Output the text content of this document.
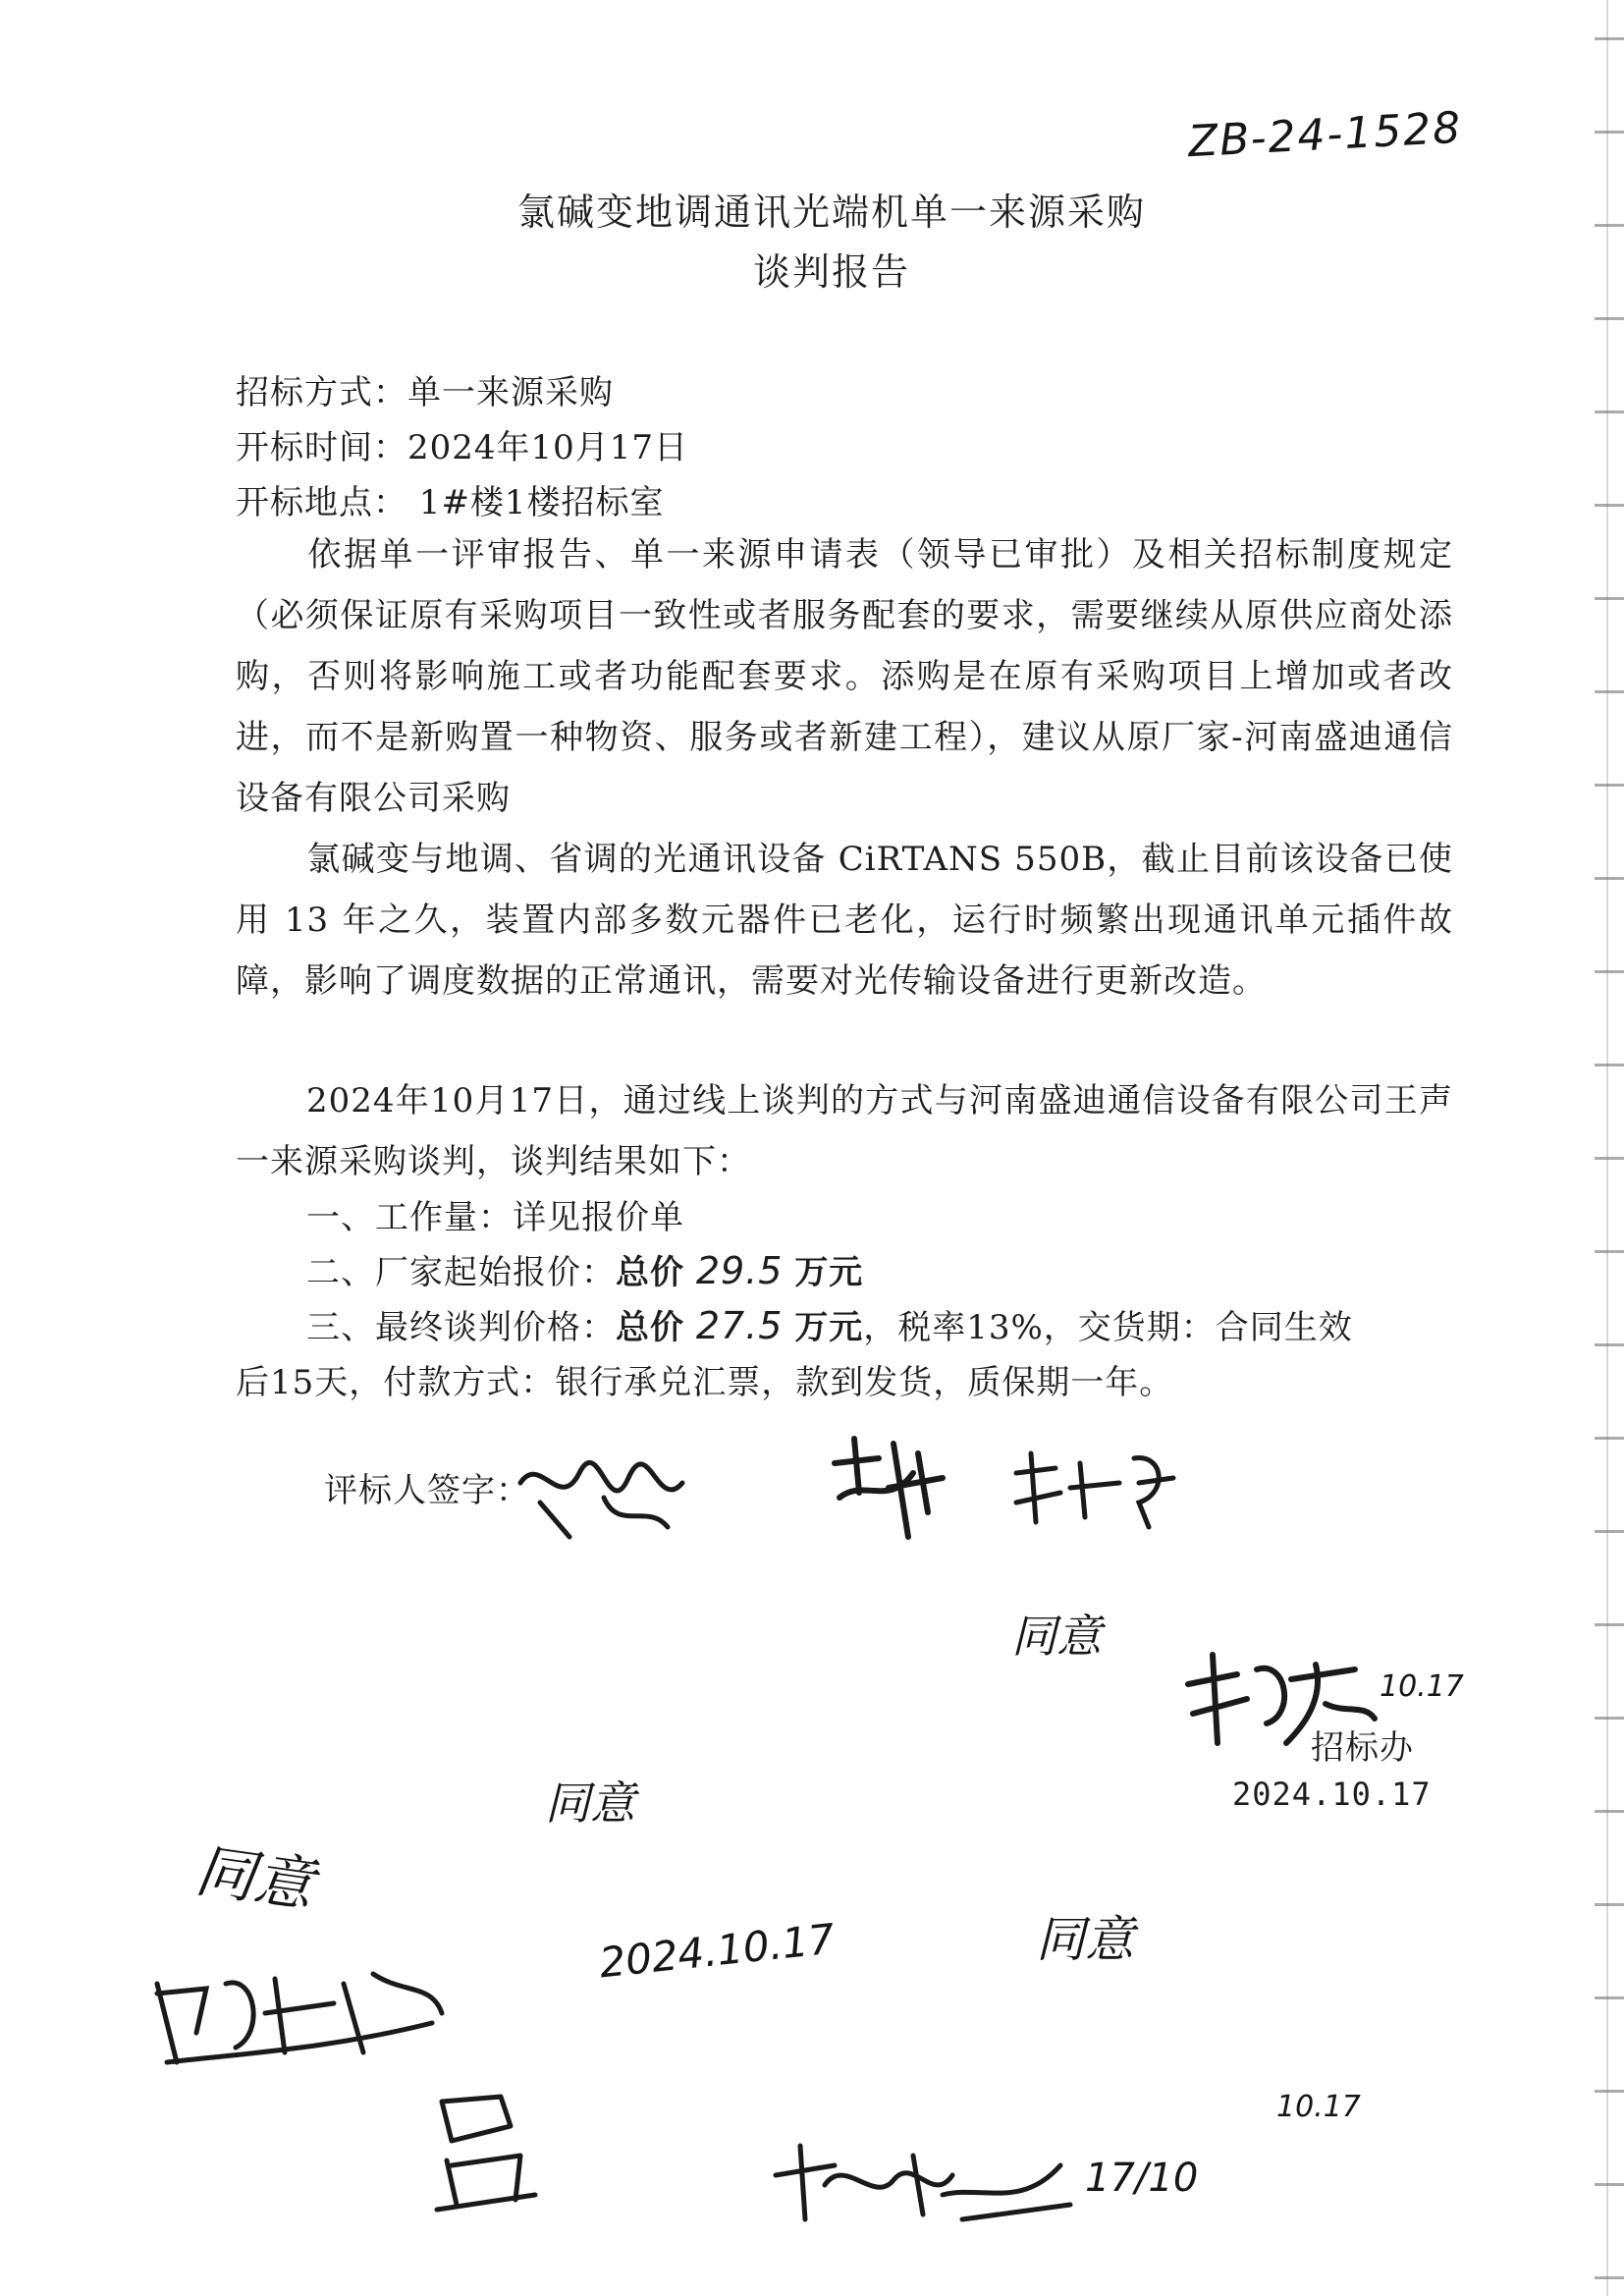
ZB-24-1528
氯碱变地调通讯光端机单一来源采购
谈判报告
招标方式：单一来源采购
开标时间：2024年10月17日
开标地点： 1#楼1楼招标室

依据单一评审报告、单一来源申请表（领导已审批）及相关招标制度规定（必须保证原有采购项目一致性或者服务配套的要求，需要继续从原供应商处添购，否则将影响施工或者功能配套要求。添购是在原有采购项目上增加或者改进，而不是新购置一种物资、服务或者新建工程），建议从原厂家-河南盛迪通信设备有限公司采购

氯碱变与地调、省调的光通讯设备 CiRTANS 550B，截止目前该设备已使用 13 年之久，装置内部多数元器件已老化，运行时频繁出现通讯单元插件故障，影响了调度数据的正常通讯，需要对光传输设备进行更新改造。

2024年10月17日，通过线上谈判的方式与河南盛迪通信设备有限公司王声一来源采购谈判，谈判结果如下：

一、工作量：详见报价单
二、厂家起始报价：总价 29.5 万元
三、最终谈判价格：总价 27.5 万元，税率13%，交货期：合同生效
后15天，付款方式：银行承兑汇票，款到发货，质保期一年。
评标人签字：
招标办
2024.10.17
同意
10.17
同意
2024.10.17	同意
10.17
同意
17/10
